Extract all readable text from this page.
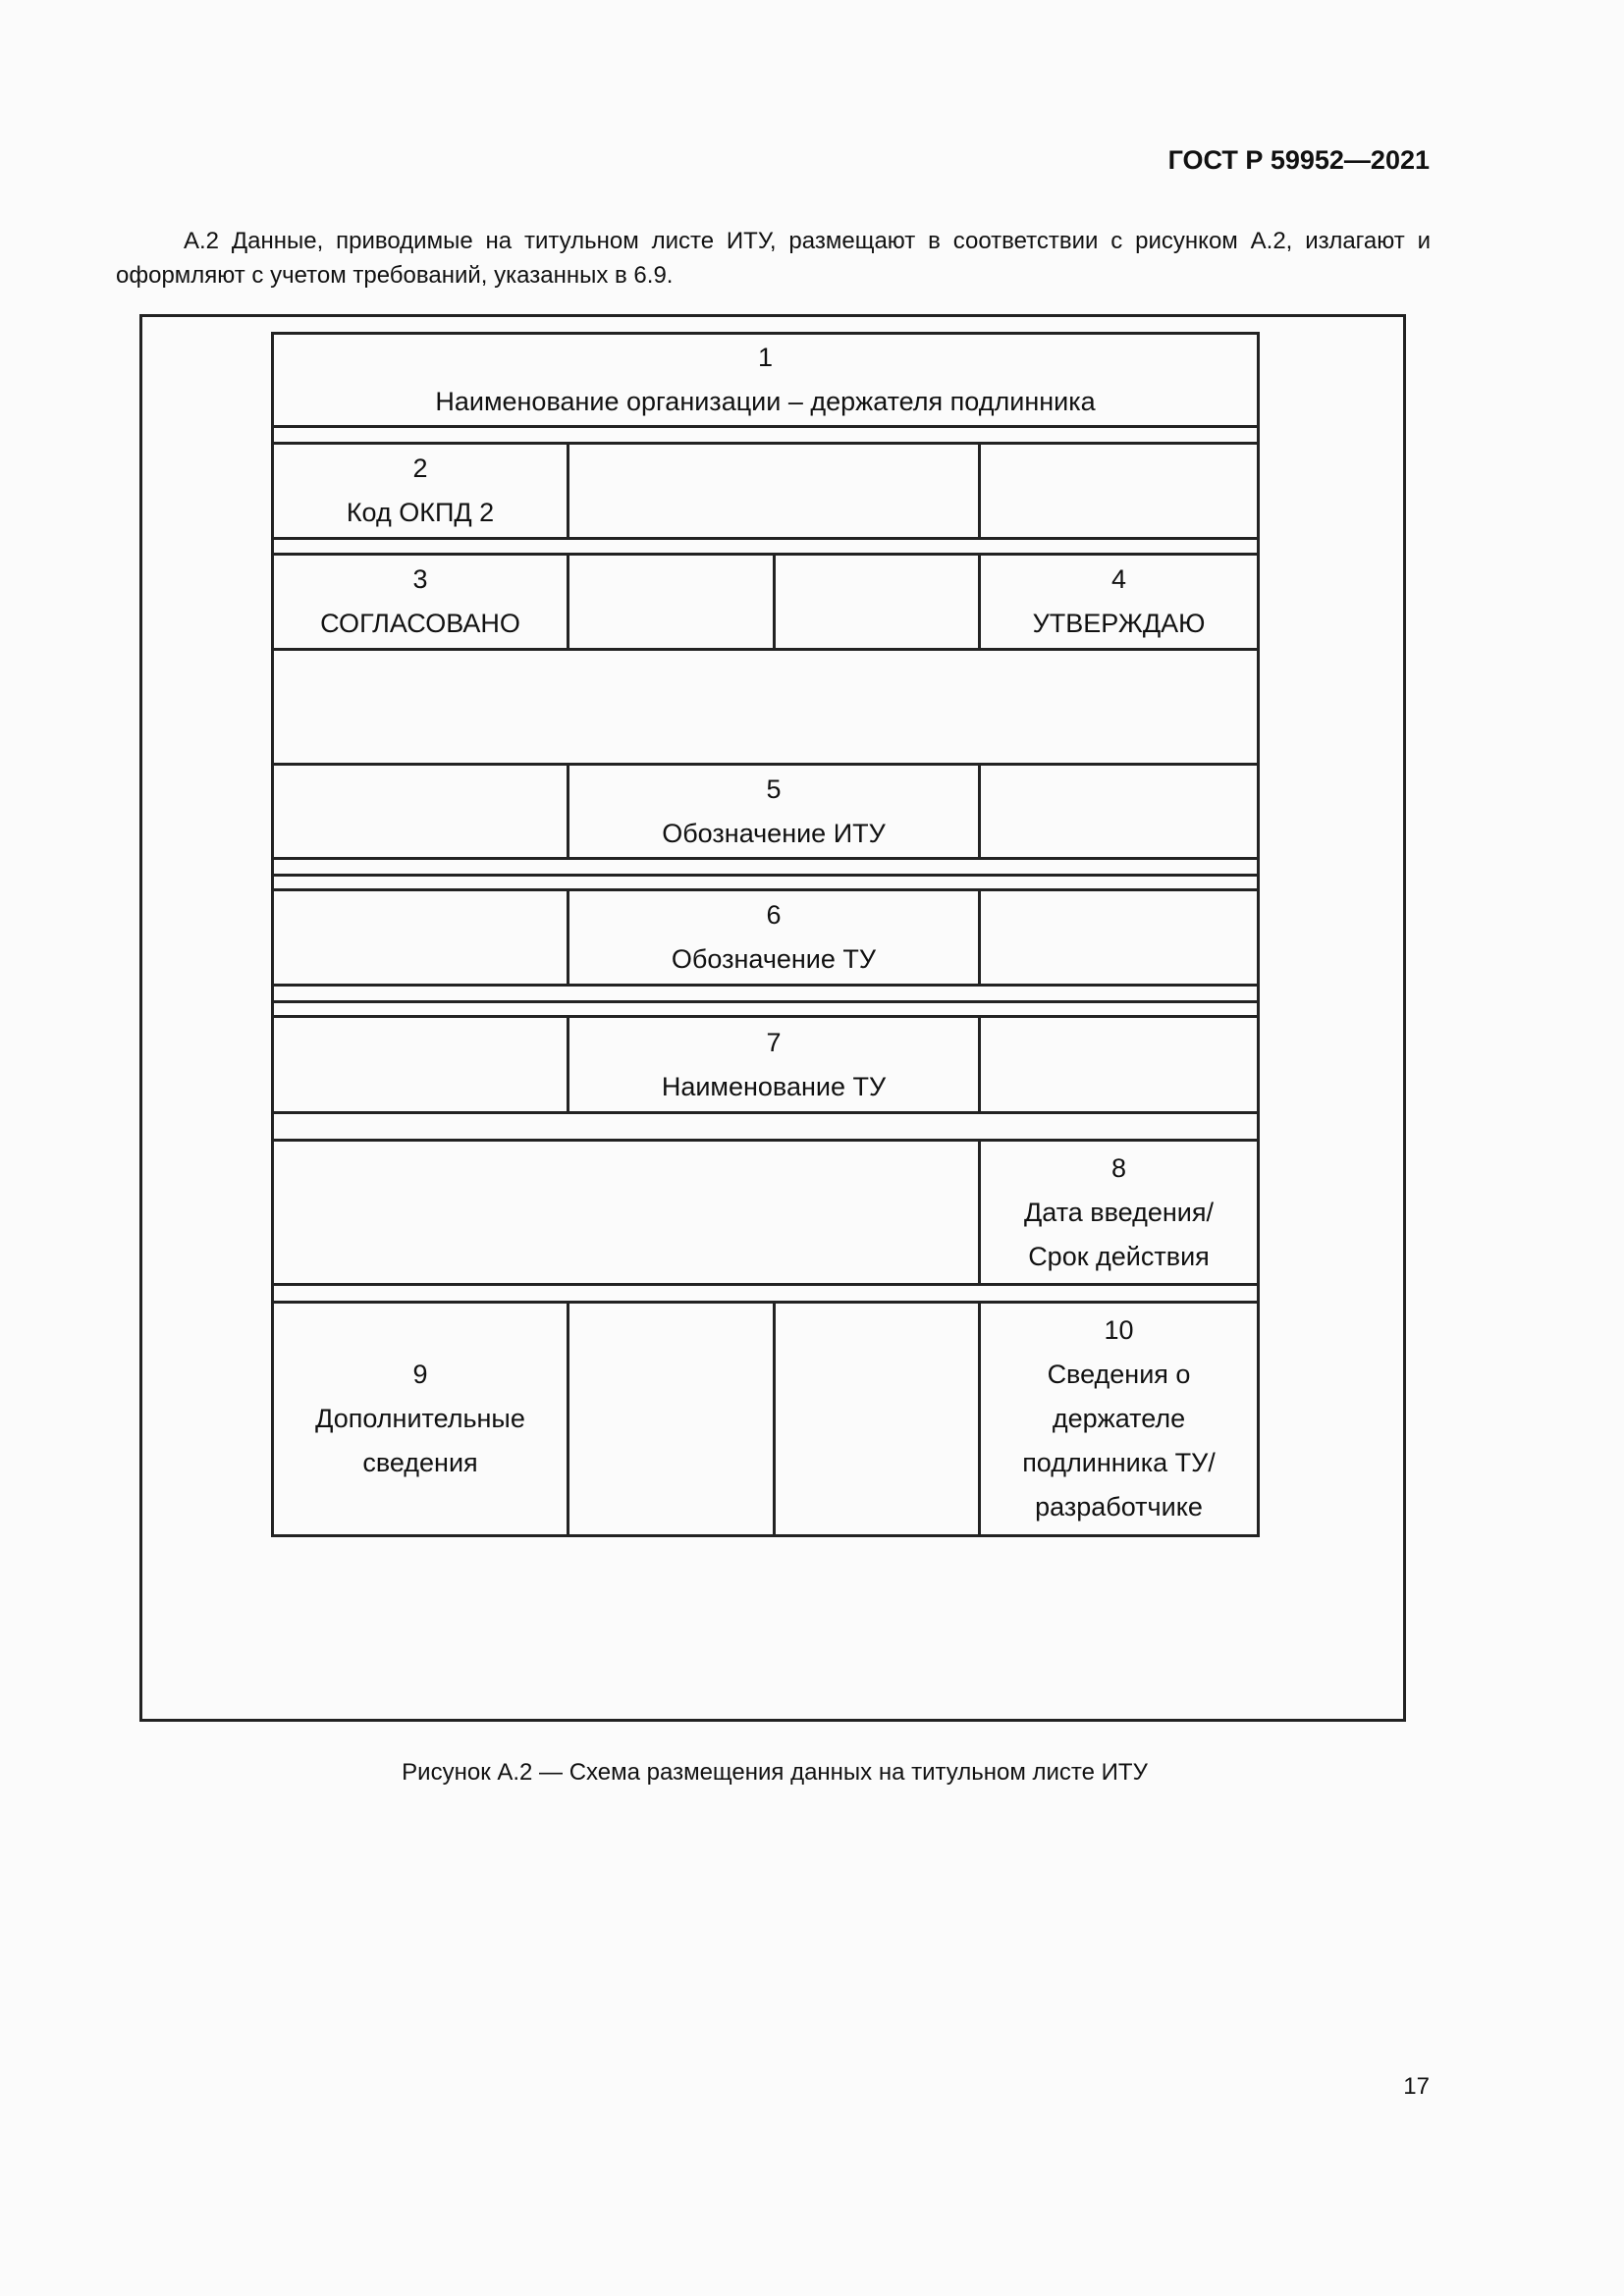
ГОСТ Р 59952—2021

А.2 Данные, приводимые на титульном листе ИТУ, размещают в соответствии с рисунком А.2, излагают и оформляют с учетом требований, указанных в 6.9.

1
Наименование организации – держателя подлинника
2
Код ОКПД 2
3
СОГЛАСОВАНО
4
УТВЕРЖДАЮ
5
Обозначение ИТУ
6
Обозначение ТУ
7
Наименование ТУ
8
Дата введения/
Срок действия
9
Дополнительные
сведения
10
Сведения о
держателе
подлинника ТУ/
разработчике
Рисунок А.2 — Схема размещения данных на титульном листе ИТУ
17
